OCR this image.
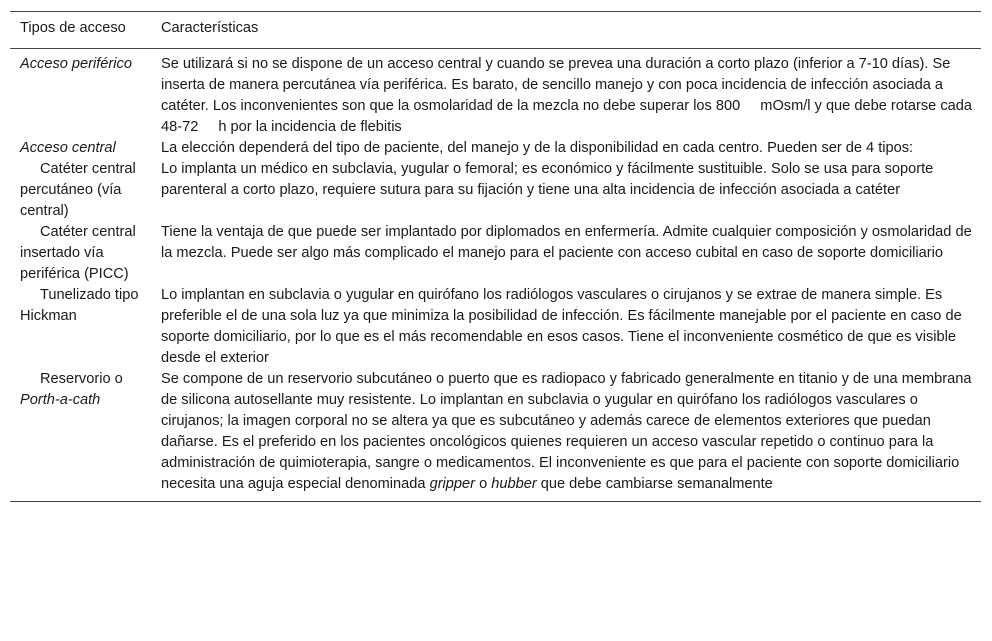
Tipos de acceso	Características
Acceso periférico	Se utilizará si no se dispone de un acceso central y cuando se prevea una duración a corto plazo (inferior a 7-10 días). Se inserta de manera percutánea vía periférica. Es barato, de sencillo manejo y con poca incidencia de infección asociada a catéter. Los inconvenientes son que la osmolaridad de la mezcla no debe superar los 800 mOsm/l y que debe rotarse cada 48-72 h por la incidencia de flebitis
Acceso central	La elección dependerá del tipo de paciente, del manejo y de la disponibilidad en cada centro. Pueden ser de 4 tipos:
Catéter central percutáneo (vía central)	Lo implanta un médico en subclavia, yugular o femoral; es económico y fácilmente sustituible. Solo se usa para soporte parenteral a corto plazo, requiere sutura para su fijación y tiene una alta incidencia de infección asociada a catéter
Catéter central insertado vía periférica (PICC)	Tiene la ventaja de que puede ser implantado por diplomados en enfermería. Admite cualquier composición y osmolaridad de la mezcla. Puede ser algo más complicado el manejo para el paciente con acceso cubital en caso de soporte domiciliario
Tunelizado tipo Hickman	Lo implantan en subclavia o yugular en quirófano los radiólogos vasculares o cirujanos y se extrae de manera simple. Es preferible el de una sola luz ya que minimiza la posibilidad de infección. Es fácilmente manejable por el paciente en caso de soporte domiciliario, por lo que es el más recomendable en esos casos. Tiene el inconveniente cosmético de que es visible desde el exterior
Reservorio o Porth-a-cath	Se compone de un reservorio subcutáneo o puerto que es radiopaco y fabricado generalmente en titanio y de una membrana de silicona autosellante muy resistente. Lo implantan en subclavia o yugular en quirófano los radiólogos vasculares o cirujanos; la imagen corporal no se altera ya que es subcutáneo y además carece de elementos exteriores que puedan dañarse. Es el preferido en los pacientes oncológicos quienes requieren un acceso vascular repetido o continuo para la administración de quimioterapia, sangre o medicamentos. El inconveniente es que para el paciente con soporte domiciliario necesita una aguja especial denominada gripper o hubber que debe cambiarse semanalmente
